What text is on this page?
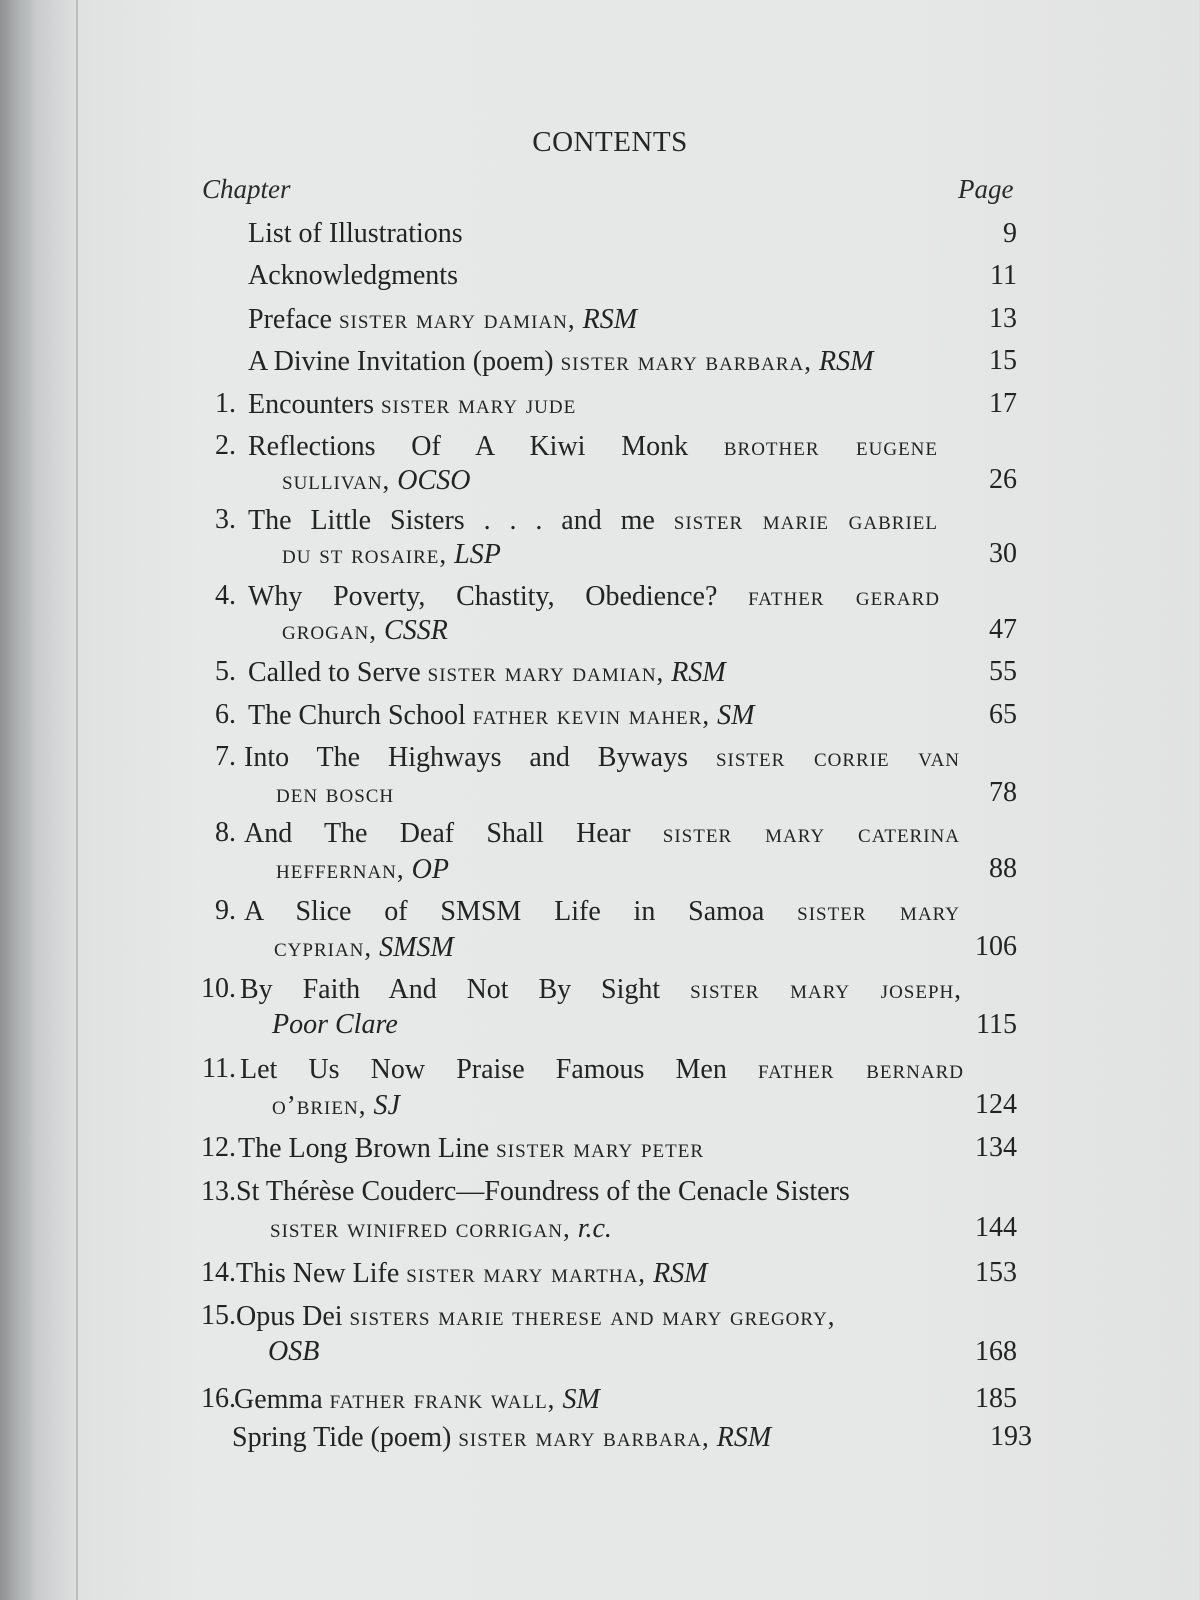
CONTENTS
Chapter	Page
List of Illustrations	9
Acknowledgments	11
Preface sister mary damian, RSM	13
A Divine Invitation (poem) sister mary barbara, RSM	15
1. Encounters sister mary jude	17
2. Reflections Of A Kiwi Monk brother eugene
sullivan, OCSO	26
3. The Little Sisters . . . and me sister marie gabriel
du st rosaire, LSP	30
4. Why Poverty, Chastity, Obedience? father gerard
grogan, CSSR	47
5. Called to Serve sister mary damian, RSM	55
6. The Church School father kevin maher, SM	65
7. Into The Highways and Byways sister corrie van
den bosch	78
8. And The Deaf Shall Hear sister mary caterina
heffernan, OP	88
9. A Slice of SMSM Life in Samoa sister mary
cyprian, SMSM	106
10. By Faith And Not By Sight sister mary joseph,
Poor Clare	115
11. Let Us Now Praise Famous Men father bernard
o’brien, SJ	124
12. The Long Brown Line sister mary peter	134
13. St Thérèse Couderc—Foundress of the Cenacle Sisters
sister winifred corrigan, r.c.	144
14. This New Life sister mary martha, RSM	153
15. Opus Dei sisters marie therese and mary gregory,
OSB	168
16.
Gemma father frank wall, SM	185
Spring Tide (poem) sister mary barbara, RSM	193
